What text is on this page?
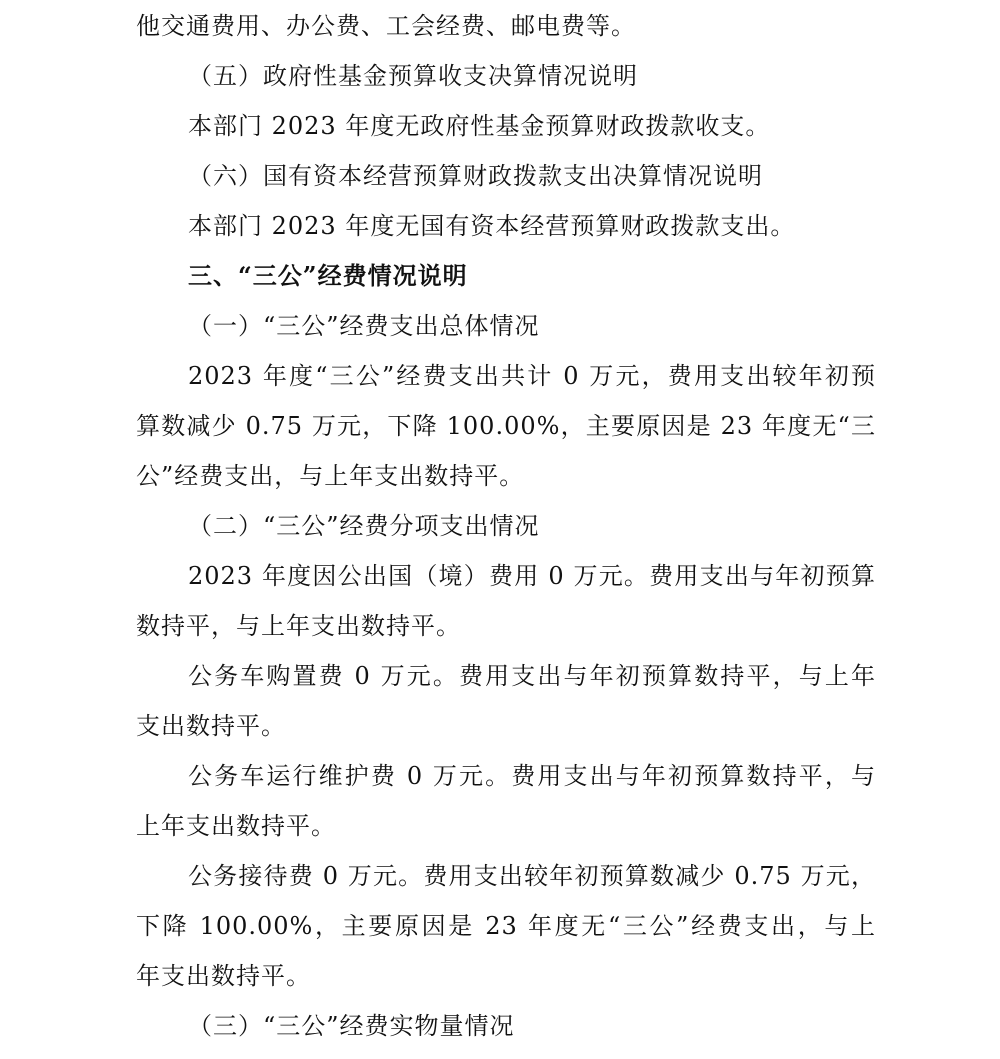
他交通费用、办公费、工会经费、邮电费等。

（五）政府性基金预算收支决算情况说明

本部门 2023 年度无政府性基金预算财政拨款收支。

（六）国有资本经营预算财政拨款支出决算情况说明

本部门 2023 年度无国有资本经营预算财政拨款支出。

三、“三公”经费情况说明

（一）“三公”经费支出总体情况

2023 年度“三公”经费支出共计 0 万元，费用支出较年初预

算数减少 0.75 万元，下降 100.00%，主要原因是 23 年度无“三

公”经费支出，与上年支出数持平。

（二）“三公”经费分项支出情况

2023 年度因公出国（境）费用 0 万元。费用支出与年初预算

数持平，与上年支出数持平。

公务车购置费 0 万元。费用支出与年初预算数持平，与上年

支出数持平。

公务车运行维护费 0 万元。费用支出与年初预算数持平，与

上年支出数持平。

公务接待费 0 万元。费用支出较年初预算数减少 0.75 万元，

下降 100.00%，主要原因是 23 年度无“三公”经费支出，与上

年支出数持平。

（三）“三公”经费实物量情况
